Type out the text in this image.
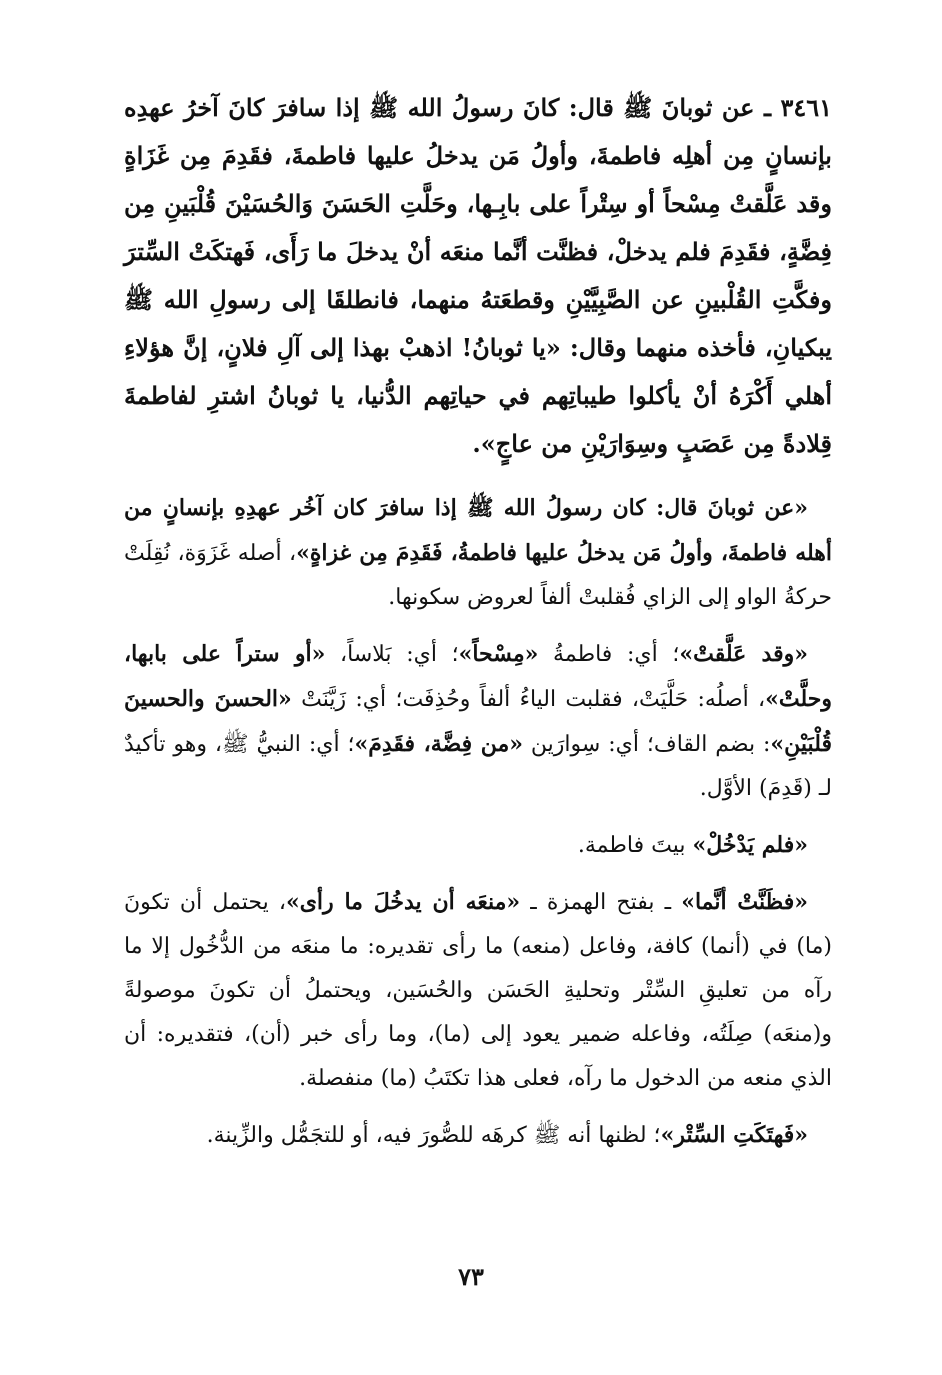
٣٤٦١ ـ عن ثوبانَ ﷺ قال: كانَ رسولُ الله ﷺ إذا سافرَ كانَ آخرُ عهدِه بإنسانٍ مِن أهلِه فاطمةَ، وأولُ مَن يدخلُ عليها فاطمةَ، فقَدِمَ مِن غَزَاةٍ وقد عَلَّقتْ مِسْحاً أو سِتْراً على بابِـها، وحَلَّتِ الحَسَنَ وَالحُسَيْنَ قُلْبَينِ مِن فِضَّةٍ، فقَدِمَ فلم يدخلْ، فظنَّت أنَّما منعَه أنْ يدخلَ ما رَأَى، فَهتكَتْ السِّترَ وفكَّتِ القُلْبينِ عن الصَّبِيَّيْنِ وقطعَتهُ منهما، فانطلقَا إلى رسولِ الله ﷺ يبكيانِ، فأخذه منهما وقال: «يا ثوبانُ! اذهبْ بهذا إلى آلِ فلانٍ، إنَّ هؤلاءِ أهلي أَكْرَهُ أنْ يأكلوا طيباتِهم في حياتِهم الدُّنيا، يا ثوبانُ اشترِ لفاطمةَ قِلادةً مِن عَصَبٍ وسِوَارَيْنِ من عاجٍ».

«عن ثوبانَ قال: كان رسولُ الله ﷺ إذا سافرَ كان آخُر عهدِهِ بإنسانٍ من أهله فاطمةَ، وأولُ مَن يدخلُ عليها فاطمةُ، فَقَدِمَ مِن غزاةٍ»، أصله غَزَوَة، نُقِلَتْ حركةُ الواو إلى الزاي فُقلبتْ ألفاً لعروض سكونها.

«وقد عَلَّقتْ»؛ أي: فاطمةُ «مِسْحاً»؛ أي: بَلاساً، «أو ستراً على بابها، وحلَّتْ»، أصلُه: حَلَّيَتْ، فقلبت الياءُ ألفاً وحُذِفَت؛ أي: زَيَّنَتْ «الحسنَ والحسينَ قُلْبَيْنِ»: بضم القاف؛ أي: سِوارَين «من فِضَّة، فقَدِمَ»؛ أي: النبيُّ ﷺ، وهو تأكيدٌ لـ (قَدِمَ) الأوَّل.

«فلم يَدْخُلْ» بيتَ فاطمة.

«فظَنَّتْ أنَّما» ـ بفتح الهمزة ـ «منعَه أن يدخُلَ ما رأى»، يحتمل أن تكونَ (ما) في (أنما) كافة، وفاعل (منعه) ما رأى تقديره: ما منعَه من الدُّخُول إلا ما رآه من تعليقِ السِّتْر وتحليةِ الحَسَن والحُسَين، ويحتملُ أن تكونَ موصولةً و(منعَه) صِلَتُه، وفاعله ضمير يعود إلى (ما)، وما رأى خبر (أن)، فتقديره: أن الذي منعه من الدخول ما رآه، فعلى هذا تكتَبُ (ما) منفصلة.

«فَهتَكَتِ السِّتْر»؛ لظنها أنه ﷺ كرهَه للصُّورَ فيه، أو للتجَمُّل والزِّينة.

٧٣
